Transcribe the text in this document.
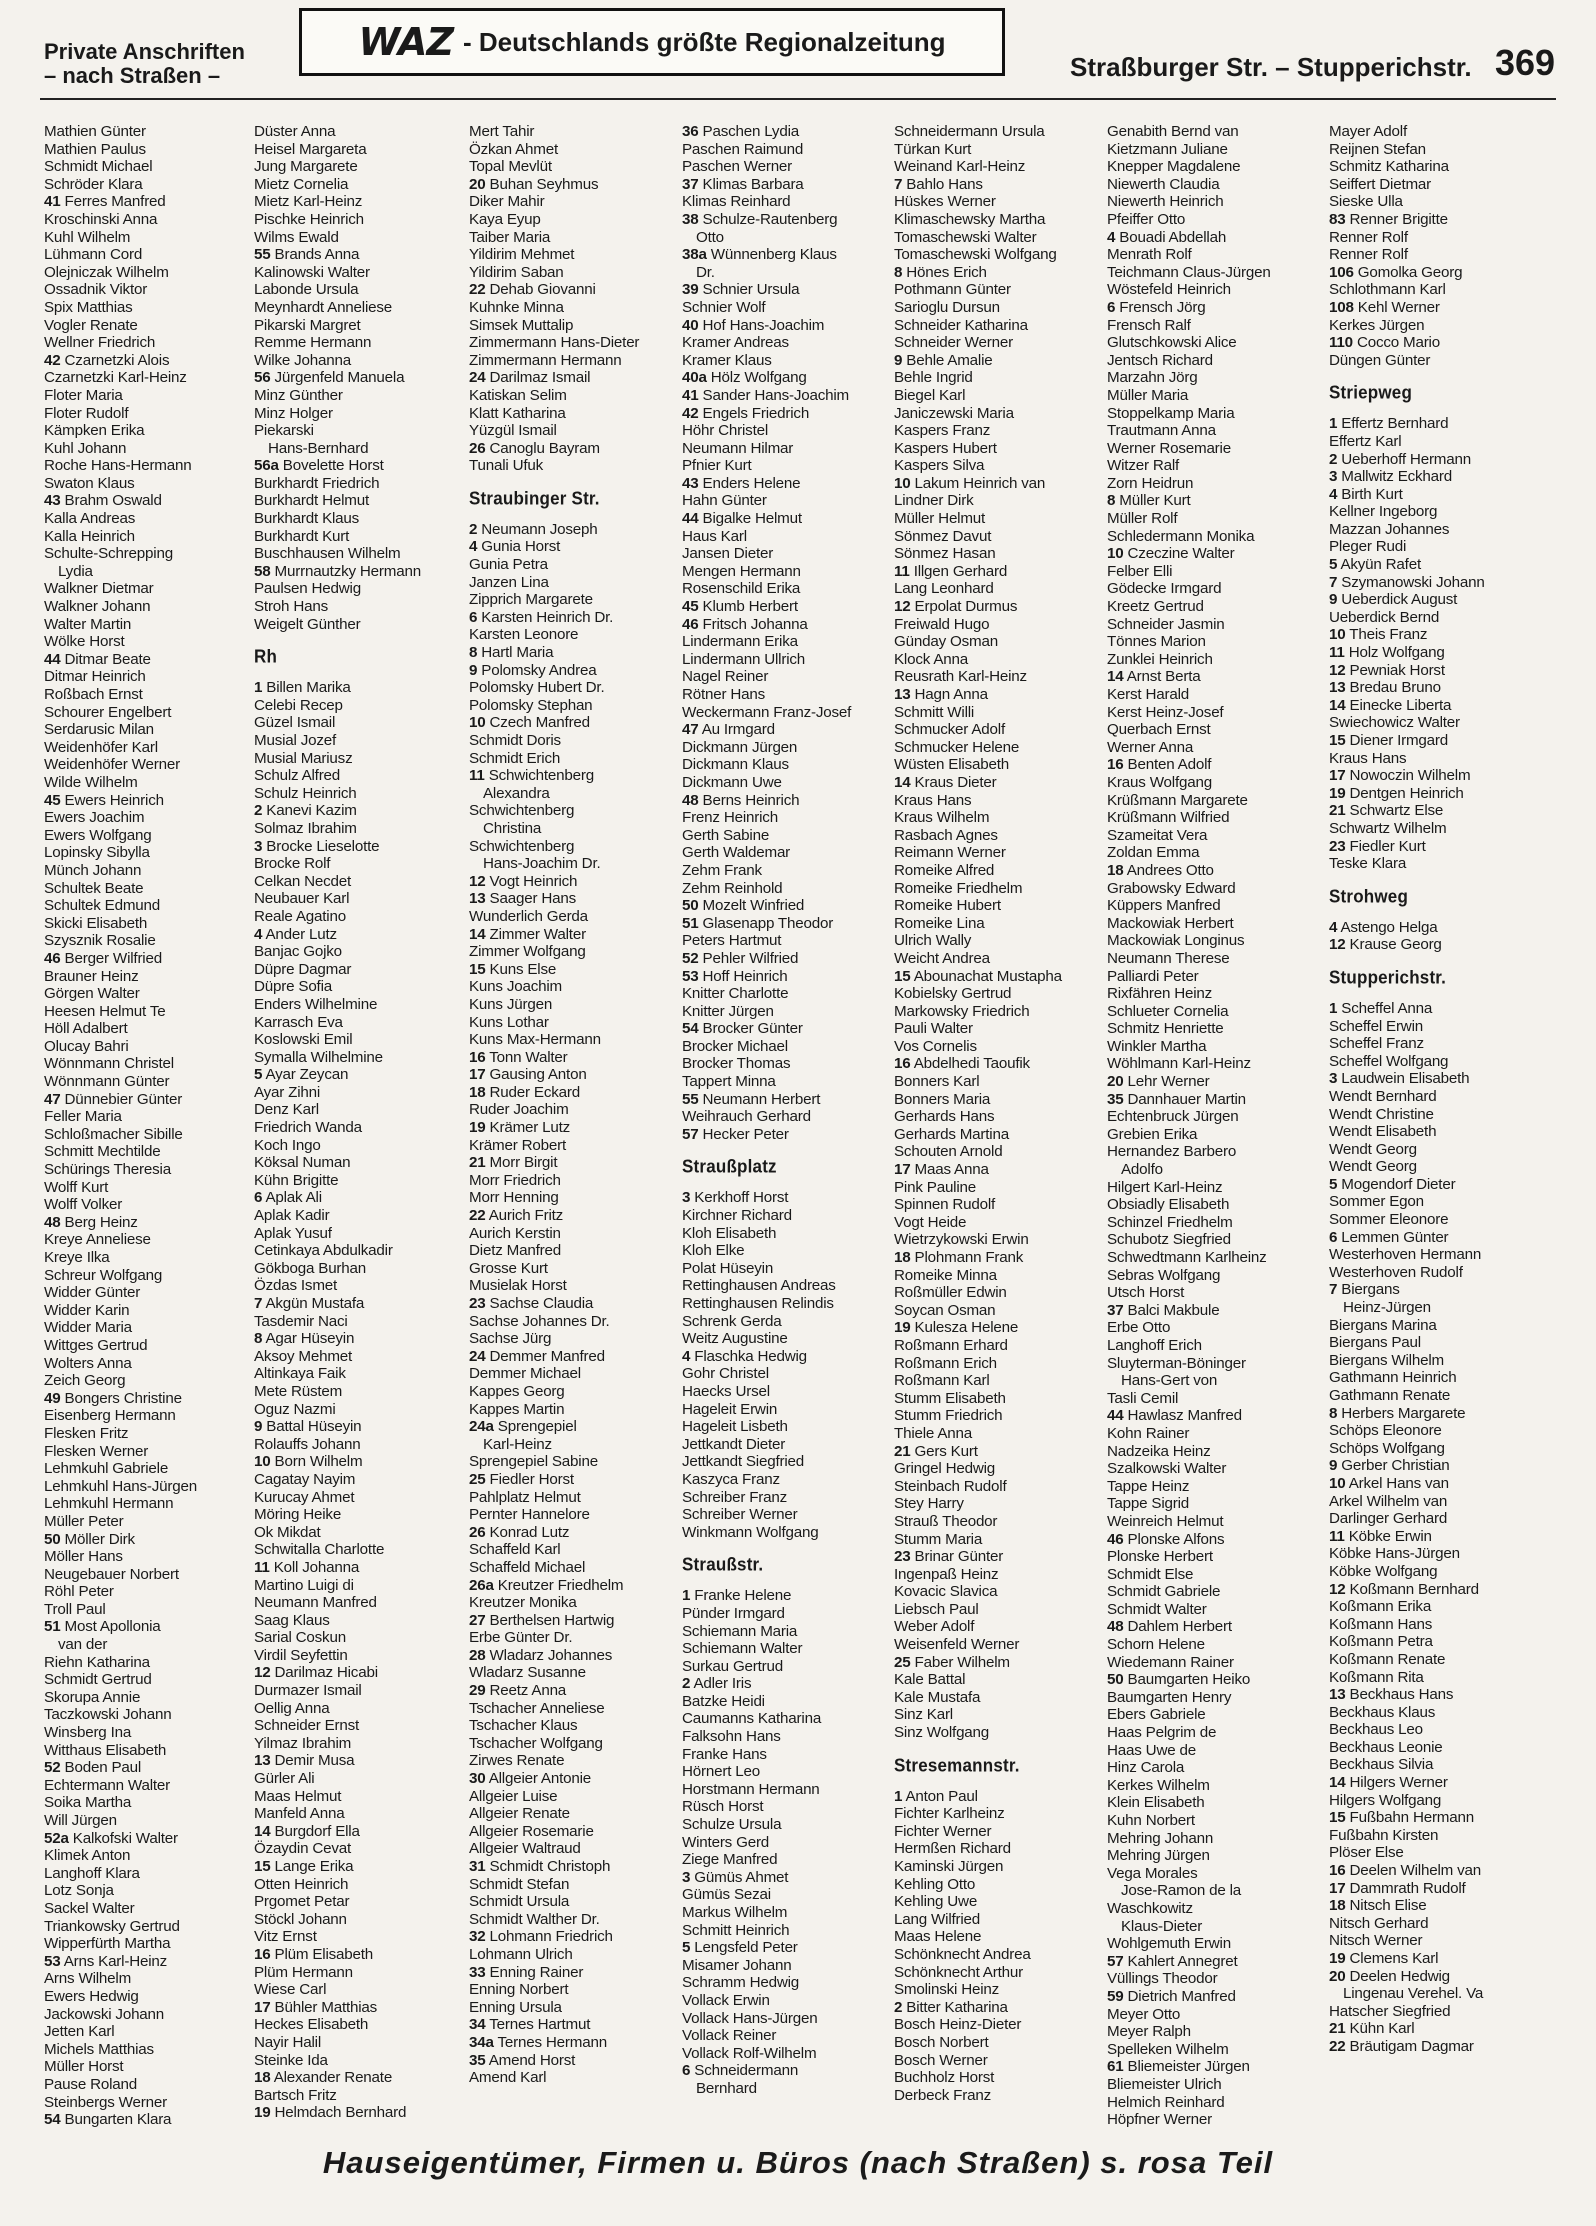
Private Anschriften
– nach Straßen –
WAZ - Deutschlands größte Regionalzeitung
Straßburger Str. – Stupperichstr. 369
Mathien Günter
Mathien Paulus
Schmidt Michael
Schröder Klara
41 Ferres Manfred
Kroschinski Anna
Kuhl Wilhelm
Lühmann Cord
Olejniczak Wilhelm
Ossadnik Viktor
Spix Matthias
Vogler Renate
Wellner Friedrich
42 Czarnetzki Alois
Czarnetzki Karl-Heinz
Floter Maria
Floter Rudolf
Kämpken Erika
Kuhl Johann
Roche Hans-Hermann
Swaton Klaus
43 Brahm Oswald
Kalla Andreas
Kalla Heinrich
Schulte-Schrepping
Lydia
Walkner Dietmar
Walkner Johann
Walter Martin
Wölke Horst
44 Ditmar Beate
Ditmar Heinrich
Roßbach Ernst
Schourer Engelbert
Serdarusic Milan
Weidenhöfer Karl
Weidenhöfer Werner
Wilde Wilhelm
45 Ewers Heinrich
Ewers Joachim
Ewers Wolfgang
Lopinsky Sibylla
Münch Johann
Schultek Beate
Schultek Edmund
Skicki Elisabeth
Szysznik Rosalie
46 Berger Wilfried
Brauner Heinz
Görgen Walter
Heesen Helmut Te
Höll Adalbert
Olucay Bahri
Wönnmann Christel
Wönnmann Günter
47 Dünnebier Günter
Feller Maria
Schloßmacher Sibille
Schmitt Mechtilde
Schürings Theresia
Wolff Kurt
Wolff Volker
48 Berg Heinz
Kreye Anneliese
Kreye Ilka
Schreur Wolfgang
Widder Günter
Widder Karin
Widder Maria
Wittges Gertrud
Wolters Anna
Zeich Georg
49 Bongers Christine
Eisenberg Hermann
Flesken Fritz
Flesken Werner
Lehmkuhl Gabriele
Lehmkuhl Hans-Jürgen
Lehmkuhl Hermann
Müller Peter
50 Möller Dirk
Möller Hans
Neugebauer Norbert
Röhl Peter
Troll Paul
51 Most Apollonia
van der
Riehn Katharina
Schmidt Gertrud
Skorupa Annie
Taczkowski Johann
Winsberg Ina
Witthaus Elisabeth
52 Boden Paul
Echtermann Walter
Soika Martha
Will Jürgen
52a Kalkofski Walter
Klimek Anton
Langhoff Klara
Lotz Sonja
Sackel Walter
Triankowsky Gertrud
Wipperfürth Martha
53 Arns Karl-Heinz
Arns Wilhelm
Ewers Hedwig
Jackowski Johann
Jetten Karl
Michels Matthias
Müller Horst
Pause Roland
Steinbergs Werner
54 Bungarten Klara
Düster Anna
Heisel Margareta
Jung Margarete
Mietz Cornelia
Mietz Karl-Heinz
Pischke Heinrich
Wilms Ewald
55 Brands Anna
Kalinowski Walter
Labonde Ursula
Meynhardt Anneliese
Pikarski Margret
Remme Hermann
Wilke Johanna
56 Jürgenfeld Manuela
Minz Günther
Minz Holger
Piekarski
Hans-Bernhard
56a Bovelette Horst
Burkhardt Friedrich
Burkhardt Helmut
Burkhardt Klaus
Burkhardt Kurt
Buschhausen Wilhelm
58 Murrnautzky Hermann
Paulsen Hedwig
Stroh Hans
Weigelt Günther
Rh
1 Billen Marika
Celebi Recep
Güzel Ismail
Musial Jozef
Musial Mariusz
Schulz Alfred
Schulz Heinrich
2 Kanevi Kazim
Solmaz Ibrahim
3 Brocke Lieselotte
Brocke Rolf
Celkan Necdet
Neubauer Karl
Reale Agatino
4 Ander Lutz
Banjac Gojko
Düpre Dagmar
Düpre Sofia
Enders Wilhelmine
Karrasch Eva
Koslowski Emil
Symalla Wilhelmine
5 Ayar Zeycan
Ayar Zihni
Denz Karl
Friedrich Wanda
Koch Ingo
Köksal Numan
Kühn Brigitte
6 Aplak Ali
Aplak Kadir
Aplak Yusuf
Cetinkaya Abdulkadir
Gökboga Burhan
Özdas Ismet
7 Akgün Mustafa
Tasdemir Naci
8 Agar Hüseyin
Aksoy Mehmet
Altinkaya Faik
Mete Rüstem
Oguz Nazmi
9 Battal Hüseyin
Rolauffs Johann
10 Born Wilhelm
Cagatay Nayim
Kurucay Ahmet
Möring Heike
Ok Mikdat
Schwitalla Charlotte
11 Koll Johanna
Martino Luigi di
Neumann Manfred
Saag Klaus
Sarial Coskun
Virdil Seyfettin
12 Darilmaz Hicabi
Durmazer Ismail
Oellig Anna
Schneider Ernst
Yilmaz Ibrahim
13 Demir Musa
Gürler Ali
Maas Helmut
Manfeld Anna
14 Burgdorf Ella
Özaydin Cevat
15 Lange Erika
Otten Heinrich
Prgomet Petar
Stöckl Johann
Vitz Ernst
16 Plüm Elisabeth
Plüm Hermann
Wiese Carl
17 Bühler Matthias
Heckes Elisabeth
Nayir Halil
Steinke Ida
18 Alexander Renate
Bartsch Fritz
19 Helmdach Bernhard
Mert Tahir
Özkan Ahmet
Topal Mevlüt
20 Buhan Seyhmus
Diker Mahir
Kaya Eyup
Taiber Maria
Yildirim Mehmet
Yildirim Saban
22 Dehab Giovanni
Kuhnke Minna
Simsek Muttalip
Zimmermann Hans-Dieter
Zimmermann Hermann
24 Darilmaz Ismail
Katiskan Selim
Klatt Katharina
Yüzgül Ismail
26 Canoglu Bayram
Tunali Ufuk
Straubinger Str.
2 Neumann Joseph
4 Gunia Horst
Gunia Petra
Janzen Lina
Zipprich Margarete
6 Karsten Heinrich Dr.
Karsten Leonore
8 Hartl Maria
9 Polomsky Andrea
Polomsky Hubert Dr.
Polomsky Stephan
10 Czech Manfred
Schmidt Doris
Schmidt Erich
11 Schwichtenberg
Alexandra
Schwichtenberg
Christina
Schwichtenberg
Hans-Joachim Dr.
12 Vogt Heinrich
13 Saager Hans
Wunderlich Gerda
14 Zimmer Walter
Zimmer Wolfgang
15 Kuns Else
Kuns Joachim
Kuns Jürgen
Kuns Lothar
Kuns Max-Hermann
16 Tonn Walter
17 Gausing Anton
18 Ruder Eckard
Ruder Joachim
19 Krämer Lutz
Krämer Robert
21 Morr Birgit
Morr Friedrich
Morr Henning
22 Aurich Fritz
Aurich Kerstin
Dietz Manfred
Grosse Kurt
Musielak Horst
23 Sachse Claudia
Sachse Johannes Dr.
Sachse Jürg
24 Demmer Manfred
Demmer Michael
Kappes Georg
Kappes Martin
24a Sprengepiel
Karl-Heinz
Sprengepiel Sabine
25 Fiedler Horst
Pahlplatz Helmut
Pernter Hannelore
26 Konrad Lutz
Schaffeld Karl
Schaffeld Michael
26a Kreutzer Friedhelm
Kreutzer Monika
27 Berthelsen Hartwig
Erbe Günter Dr.
28 Wladarz Johannes
Wladarz Susanne
29 Reetz Anna
Tschacher Anneliese
Tschacher Klaus
Tschacher Wolfgang
Zirwes Renate
30 Allgeier Antonie
Allgeier Luise
Allgeier Renate
Allgeier Rosemarie
Allgeier Waltraud
31 Schmidt Christoph
Schmidt Stefan
Schmidt Ursula
Schmidt Walther Dr.
32 Lohmann Friedrich
Lohmann Ulrich
33 Enning Rainer
Enning Norbert
Enning Ursula
34 Ternes Hartmut
34a Ternes Hermann
35 Amend Horst
Amend Karl
36 Paschen Lydia
Paschen Raimund
Paschen Werner
37 Klimas Barbara
Klimas Reinhard
38 Schulze-Rautenberg
Otto
38a Wünnenberg Klaus
Dr.
39 Schnier Ursula
Schnier Wolf
40 Hof Hans-Joachim
Kramer Andreas
Kramer Klaus
40a Hölz Wolfgang
41 Sander Hans-Joachim
42 Engels Friedrich
Höhr Christel
Neumann Hilmar
Pfnier Kurt
43 Enders Helene
Hahn Günter
44 Bigalke Helmut
Haus Karl
Jansen Dieter
Mengen Hermann
Rosenschild Erika
45 Klumb Herbert
46 Fritsch Johanna
Lindermann Erika
Lindermann Ullrich
Nagel Reiner
Rötner Hans
Weckermann Franz-Josef
47 Au Irmgard
Dickmann Jürgen
Dickmann Klaus
Dickmann Uwe
48 Berns Heinrich
Frenz Heinrich
Gerth Sabine
Gerth Waldemar
Zehm Frank
Zehm Reinhold
50 Mozelt Winfried
51 Glasenapp Theodor
Peters Hartmut
52 Pehler Wilfried
53 Hoff Heinrich
Knitter Charlotte
Knitter Jürgen
54 Brocker Günter
Brocker Michael
Brocker Thomas
Tappert Minna
55 Neumann Herbert
Weihrauch Gerhard
57 Hecker Peter
Straußplatz
3 Kerkhoff Horst
Kirchner Richard
Kloh Elisabeth
Kloh Elke
Polat Hüseyin
Rettinghausen Andreas
Rettinghausen Relindis
Schrenk Gerda
Weitz Augustine
4 Flaschka Hedwig
Gohr Christel
Haecks Ursel
Hageleit Erwin
Hageleit Lisbeth
Jettkandt Dieter
Jettkandt Siegfried
Kaszyca Franz
Schreiber Franz
Schreiber Werner
Winkmann Wolfgang
Straußstr.
1 Franke Helene
Pünder Irmgard
Schiemann Maria
Schiemann Walter
Surkau Gertrud
2 Adler Iris
Batzke Heidi
Caumanns Katharina
Falksohn Hans
Franke Hans
Hörnert Leo
Horstmann Hermann
Rüsch Horst
Schulze Ursula
Winters Gerd
Ziege Manfred
3 Gümüs Ahmet
Gümüs Sezai
Markus Wilhelm
Schmitt Heinrich
5 Lengsfeld Peter
Misamer Johann
Schramm Hedwig
Vollack Erwin
Vollack Hans-Jürgen
Vollack Reiner
Vollack Rolf-Wilhelm
6 Schneidermann
Bernhard
Schneidermann Ursula
Türkan Kurt
Weinand Karl-Heinz
7 Bahlo Hans
Hüskes Werner
Klimaschewsky Martha
Tomaschewski Walter
Tomaschewski Wolfgang
8 Hönes Erich
Pothmann Günter
Sarioglu Dursun
Schneider Katharina
Schneider Werner
9 Behle Amalie
Behle Ingrid
Biegel Karl
Janiczewski Maria
Kaspers Franz
Kaspers Hubert
Kaspers Silva
10 Lakum Heinrich van
Lindner Dirk
Müller Helmut
Sönmez Davut
Sönmez Hasan
11 Illgen Gerhard
Lang Leonhard
12 Erpolat Durmus
Freiwald Hugo
Günday Osman
Klock Anna
Reusrath Karl-Heinz
13 Hagn Anna
Schmitt Willi
Schmucker Adolf
Schmucker Helene
Wüsten Elisabeth
14 Kraus Dieter
Kraus Hans
Kraus Wilhelm
Rasbach Agnes
Reimann Werner
Romeike Alfred
Romeike Friedhelm
Romeike Hubert
Romeike Lina
Ulrich Wally
Weicht Andrea
15 Abounachat Mustapha
Kobielsky Gertrud
Markowsky Friedrich
Pauli Walter
Vos Cornelis
16 Abdelhedi Taoufik
Bonners Karl
Bonners Maria
Gerhards Hans
Gerhards Martina
Schouten Arnold
17 Maas Anna
Pink Pauline
Spinnen Rudolf
Vogt Heide
Wietrzykowski Erwin
18 Plohmann Frank
Romeike Minna
Roßmüller Edwin
Soycan Osman
19 Kulesza Helene
Roßmann Erhard
Roßmann Erich
Roßmann Karl
Stumm Elisabeth
Stumm Friedrich
Thiele Anna
21 Gers Kurt
Gringel Hedwig
Steinbach Rudolf
Stey Harry
Strauß Theodor
Stumm Maria
23 Brinar Günter
Ingenpaß Heinz
Kovacic Slavica
Liebsch Paul
Weber Adolf
Weisenfeld Werner
25 Faber Wilhelm
Kale Battal
Kale Mustafa
Sinz Karl
Sinz Wolfgang
Stresemannstr.
1 Anton Paul
Fichter Karlheinz
Fichter Werner
Hermßen Richard
Kaminski Jürgen
Kehling Otto
Kehling Uwe
Lang Wilfried
Maas Helene
Schönknecht Andrea
Schönknecht Arthur
Smolinski Heinz
2 Bitter Katharina
Bosch Heinz-Dieter
Bosch Norbert
Bosch Werner
Buchholz Horst
Derbeck Franz
Genabith Bernd van
Kietzmann Juliane
Knepper Magdalene
Niewerth Claudia
Niewerth Heinrich
Pfeiffer Otto
4 Bouadi Abdellah
Menrath Rolf
Teichmann Claus-Jürgen
Wöstefeld Heinrich
6 Frensch Jörg
Frensch Ralf
Glutschkowski Alice
Jentsch Richard
Marzahn Jörg
Müller Maria
Stoppelkamp Maria
Trautmann Anna
Werner Rosemarie
Witzer Ralf
Zorn Heidrun
8 Müller Kurt
Müller Rolf
Schledermann Monika
10 Czeczine Walter
Felber Elli
Gödecke Irmgard
Kreetz Gertrud
Schneider Jasmin
Tönnes Marion
Zunklei Heinrich
14 Arnst Berta
Kerst Harald
Kerst Heinz-Josef
Querbach Ernst
Werner Anna
16 Benten Adolf
Kraus Wolfgang
Krüßmann Margarete
Krüßmann Wilfried
Szameitat Vera
Zoldan Emma
18 Andrees Otto
Grabowsky Edward
Küppers Manfred
Mackowiak Herbert
Mackowiak Longinus
Neumann Therese
Palliardi Peter
Rixfähren Heinz
Schlueter Cornelia
Schmitz Henriette
Winkler Martha
Wöhlmann Karl-Heinz
20 Lehr Werner
35 Dannhauer Martin
Echtenbruck Jürgen
Grebien Erika
Hernandez Barbero
Adolfo
Hilgert Karl-Heinz
Obsiadly Elisabeth
Schinzel Friedhelm
Schubotz Siegfried
Schwedtmann Karlheinz
Sebras Wolfgang
Utsch Horst
37 Balci Makbule
Erbe Otto
Langhoff Erich
Sluyterman-Böninger
Hans-Gert von
Tasli Cemil
44 Hawlasz Manfred
Kohn Rainer
Nadzeika Heinz
Szalkowski Walter
Tappe Heinz
Tappe Sigrid
Weinreich Helmut
46 Plonske Alfons
Plonske Herbert
Schmidt Else
Schmidt Gabriele
Schmidt Walter
48 Dahlem Herbert
Schorn Helene
Wiedemann Rainer
50 Baumgarten Heiko
Baumgarten Henry
Ebers Gabriele
Haas Pelgrim de
Haas Uwe de
Hinz Carola
Kerkes Wilhelm
Klein Elisabeth
Kuhn Norbert
Mehring Johann
Mehring Jürgen
Vega Morales
Jose-Ramon de la
Waschkowitz
Klaus-Dieter
Wohlgemuth Erwin
57 Kahlert Annegret
Vüllings Theodor
59 Dietrich Manfred
Meyer Otto
Meyer Ralph
Spelleken Wilhelm
61 Bliemeister Jürgen
Bliemeister Ulrich
Helmich Reinhard
Höpfner Werner
Mayer Adolf
Reijnen Stefan
Schmitz Katharina
Seiffert Dietmar
Sieske Ulla
83 Renner Brigitte
Renner Rolf
Renner Rolf
106 Gomolka Georg
Schlothmann Karl
108 Kehl Werner
Kerkes Jürgen
110 Cocco Mario
Düngen Günter
Striepweg
1 Effertz Bernhard
Effertz Karl
2 Ueberhoff Hermann
3 Mallwitz Eckhard
4 Birth Kurt
Kellner Ingeborg
Mazzan Johannes
Pleger Rudi
5 Akyün Rafet
7 Szymanowski Johann
9 Ueberdick August
Ueberdick Bernd
10 Theis Franz
11 Holz Wolfgang
12 Pewniak Horst
13 Bredau Bruno
14 Einecke Liberta
Swiechowicz Walter
15 Diener Irmgard
Kraus Hans
17 Nowoczin Wilhelm
19 Dentgen Heinrich
21 Schwartz Else
Schwartz Wilhelm
23 Fiedler Kurt
Teske Klara
Strohweg
4 Astengo Helga
12 Krause Georg
Stupperichstr.
1 Scheffel Anna
Scheffel Erwin
Scheffel Franz
Scheffel Wolfgang
3 Laudwein Elisabeth
Wendt Bernhard
Wendt Christine
Wendt Elisabeth
Wendt Georg
Wendt Georg
5 Mogendorf Dieter
Sommer Egon
Sommer Eleonore
6 Lemmen Günter
Westerhoven Hermann
Westerhoven Rudolf
7 Biergans
Heinz-Jürgen
Biergans Marina
Biergans Paul
Biergans Wilhelm
Gathmann Heinrich
Gathmann Renate
8 Herbers Margarete
Schöps Eleonore
Schöps Wolfgang
9 Gerber Christian
10 Arkel Hans van
Arkel Wilhelm van
Darlinger Gerhard
11 Köbke Erwin
Köbke Hans-Jürgen
Köbke Wolfgang
12 Koßmann Bernhard
Koßmann Erika
Koßmann Hans
Koßmann Petra
Koßmann Renate
Koßmann Rita
13 Beckhaus Hans
Beckhaus Klaus
Beckhaus Leo
Beckhaus Leonie
Beckhaus Silvia
14 Hilgers Werner
Hilgers Wolfgang
15 Fußbahn Hermann
Fußbahn Kirsten
Plöser Else
16 Deelen Wilhelm van
17 Dammrath Rudolf
18 Nitsch Elise
Nitsch Gerhard
Nitsch Werner
19 Clemens Karl
20 Deelen Hedwig
Lingenau Verehel. Va
Hatscher Siegfried
21 Kühn Karl
22 Bräutigam Dagmar
Hauseigentümer, Firmen u. Büros (nach Straßen) s. rosa Teil
